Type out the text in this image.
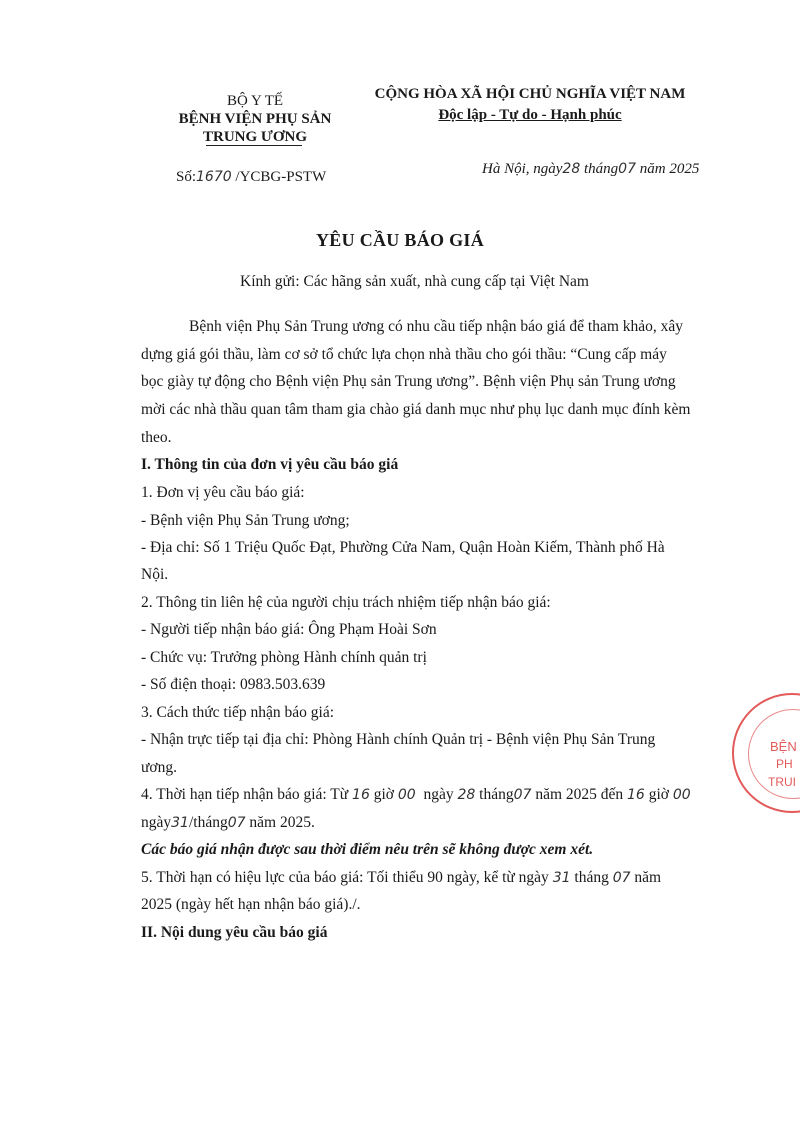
BỘ Y TẾ
BỆNH VIỆN PHỤ SẢN
TRUNG ƯƠNG
CỘNG HÒA XÃ HỘI CHỦ NGHĨA VIỆT NAM
Độc lập - Tự do - Hạnh phúc
Số:1670 /YCBG-PSTW	Hà Nội, ngày28 tháng07 năm 2025
YÊU CẦU BÁO GIÁ
Kính gửi: Các hãng sản xuất, nhà cung cấp tại Việt Nam
Bệnh viện Phụ Sản Trung ương có nhu cầu tiếp nhận báo giá để tham khảo, xây
dựng giá gói thầu, làm cơ sở tổ chức lựa chọn nhà thầu cho gói thầu: “Cung cấp máy
bọc giày tự động cho Bệnh viện Phụ sản Trung ương”. Bệnh viện Phụ sản Trung ương
mời các nhà thầu quan tâm tham gia chào giá danh mục như phụ lục danh mục đính kèm
theo.
I. Thông tin của đơn vị yêu cầu báo giá
1. Đơn vị yêu cầu báo giá:
- Bệnh viện Phụ Sản Trung ương;
- Địa chỉ: Số 1 Triệu Quốc Đạt, Phường Cửa Nam, Quận Hoàn Kiếm, Thành phố Hà
Nội.
2. Thông tin liên hệ của người chịu trách nhiệm tiếp nhận báo giá:
- Người tiếp nhận báo giá: Ông Phạm Hoài Sơn
- Chức vụ: Trưởng phòng Hành chính quản trị
- Số điện thoại: 0983.503.639
3. Cách thức tiếp nhận báo giá:
- Nhận trực tiếp tại địa chỉ: Phòng Hành chính Quản trị - Bệnh viện Phụ Sản Trung
ương.
4. Thời hạn tiếp nhận báo giá: Từ 16 giờ 00 ngày 28 tháng07 năm 2025 đến 16 giờ 00
ngày31/tháng07 năm 2025.
Các báo giá nhận được sau thời điểm nêu trên sẽ không được xem xét.
5. Thời hạn có hiệu lực của báo giá: Tối thiểu 90 ngày, kể từ ngày 31 tháng 07 năm
2025 (ngày hết hạn nhận báo giá)./.
II. Nội dung yêu cầu báo giá
BỆN
PH
TRUI
